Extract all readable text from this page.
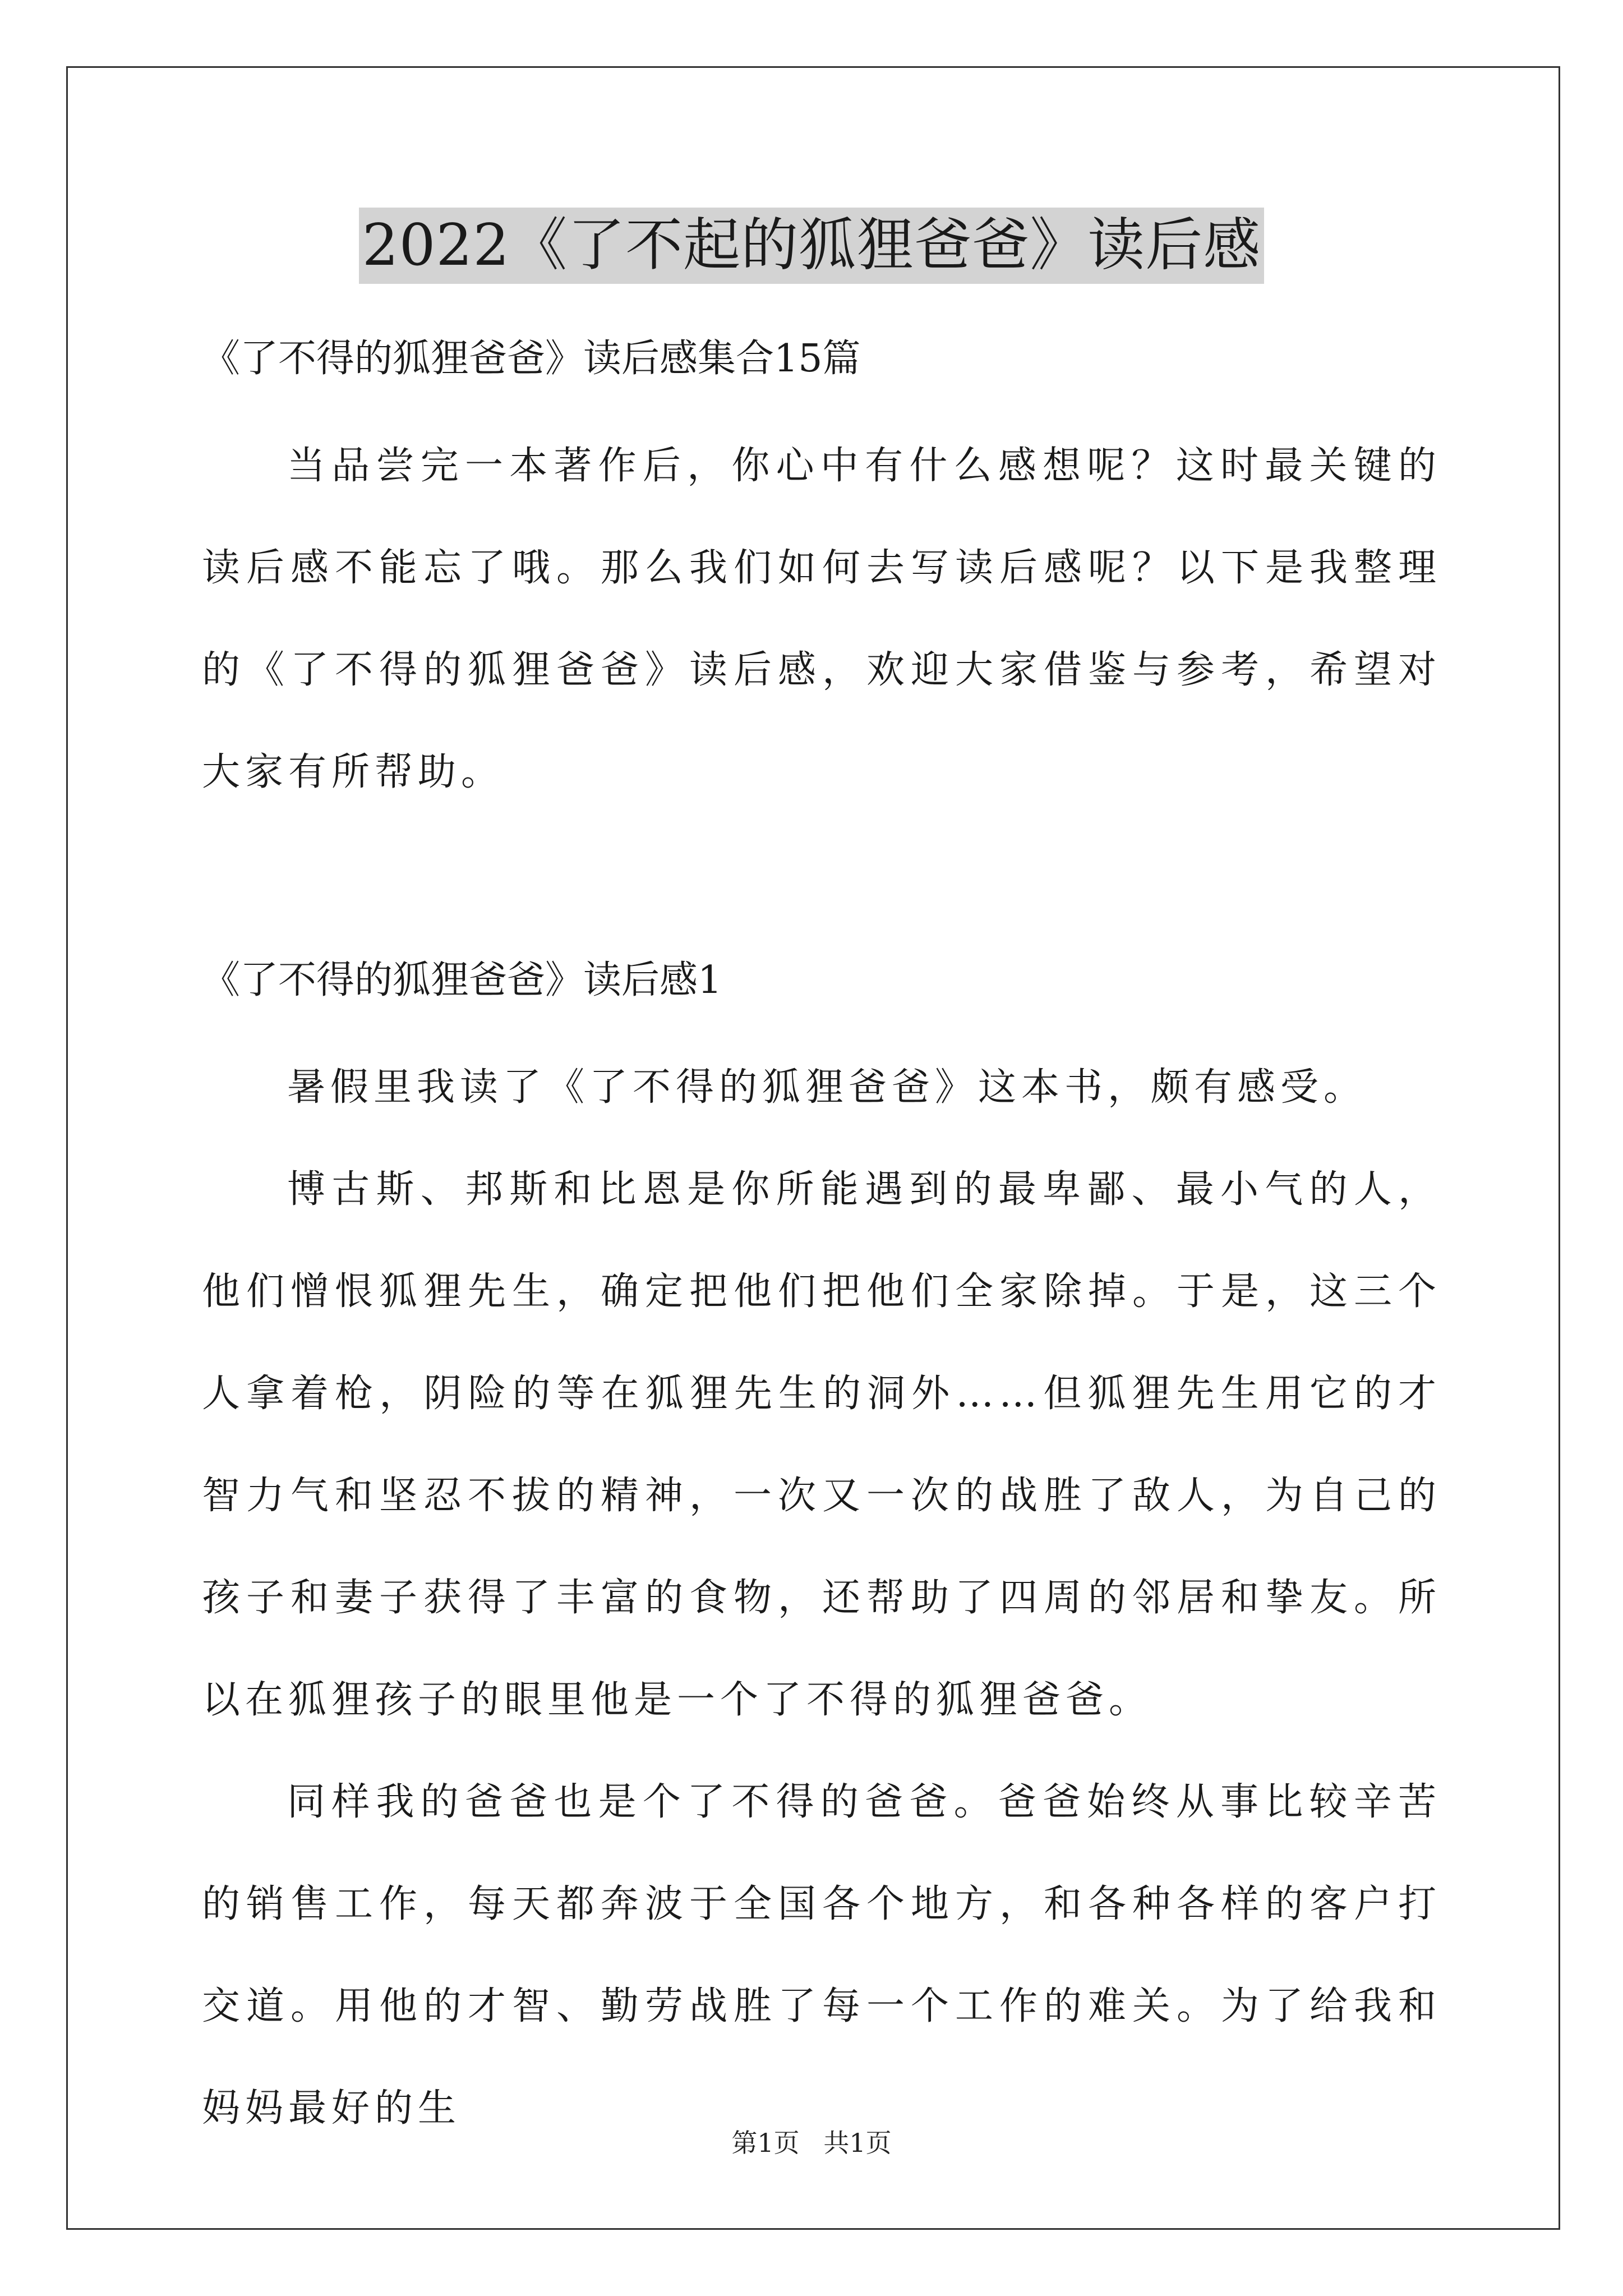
2022《了不起的狐狸爸爸》读后感

《了不得的狐狸爸爸》读后感集合15篇

当品尝完一本著作后，你心中有什么感想呢？这时最关键的读后感不能忘了哦。那么我们如何去写读后感呢？以下是我整理的《了不得的狐狸爸爸》读后感，欢迎大家借鉴与参考，希望对大家有所帮助。

《了不得的狐狸爸爸》读后感1

暑假里我读了《了不得的狐狸爸爸》这本书，颇有感受。

博古斯、邦斯和比恩是你所能遇到的最卑鄙、最小气的人，他们憎恨狐狸先生，确定把他们把他们全家除掉。于是，这三个人拿着枪，阴险的等在狐狸先生的洞外……但狐狸先生用它的才智力气和坚忍不拔的精神，一次又一次的战胜了敌人，为自己的孩子和妻子获得了丰富的食物，还帮助了四周的邻居和挚友。所以在狐狸孩子的眼里他是一个了不得的狐狸爸爸。

同样我的爸爸也是个了不得的爸爸。爸爸始终从事比较辛苦的销售工作，每天都奔波于全国各个地方，和各种各样的客户打交道。用他的才智、勤劳战胜了每一个工作的难关。为了给我和妈妈最好的生

第1页 共1页
